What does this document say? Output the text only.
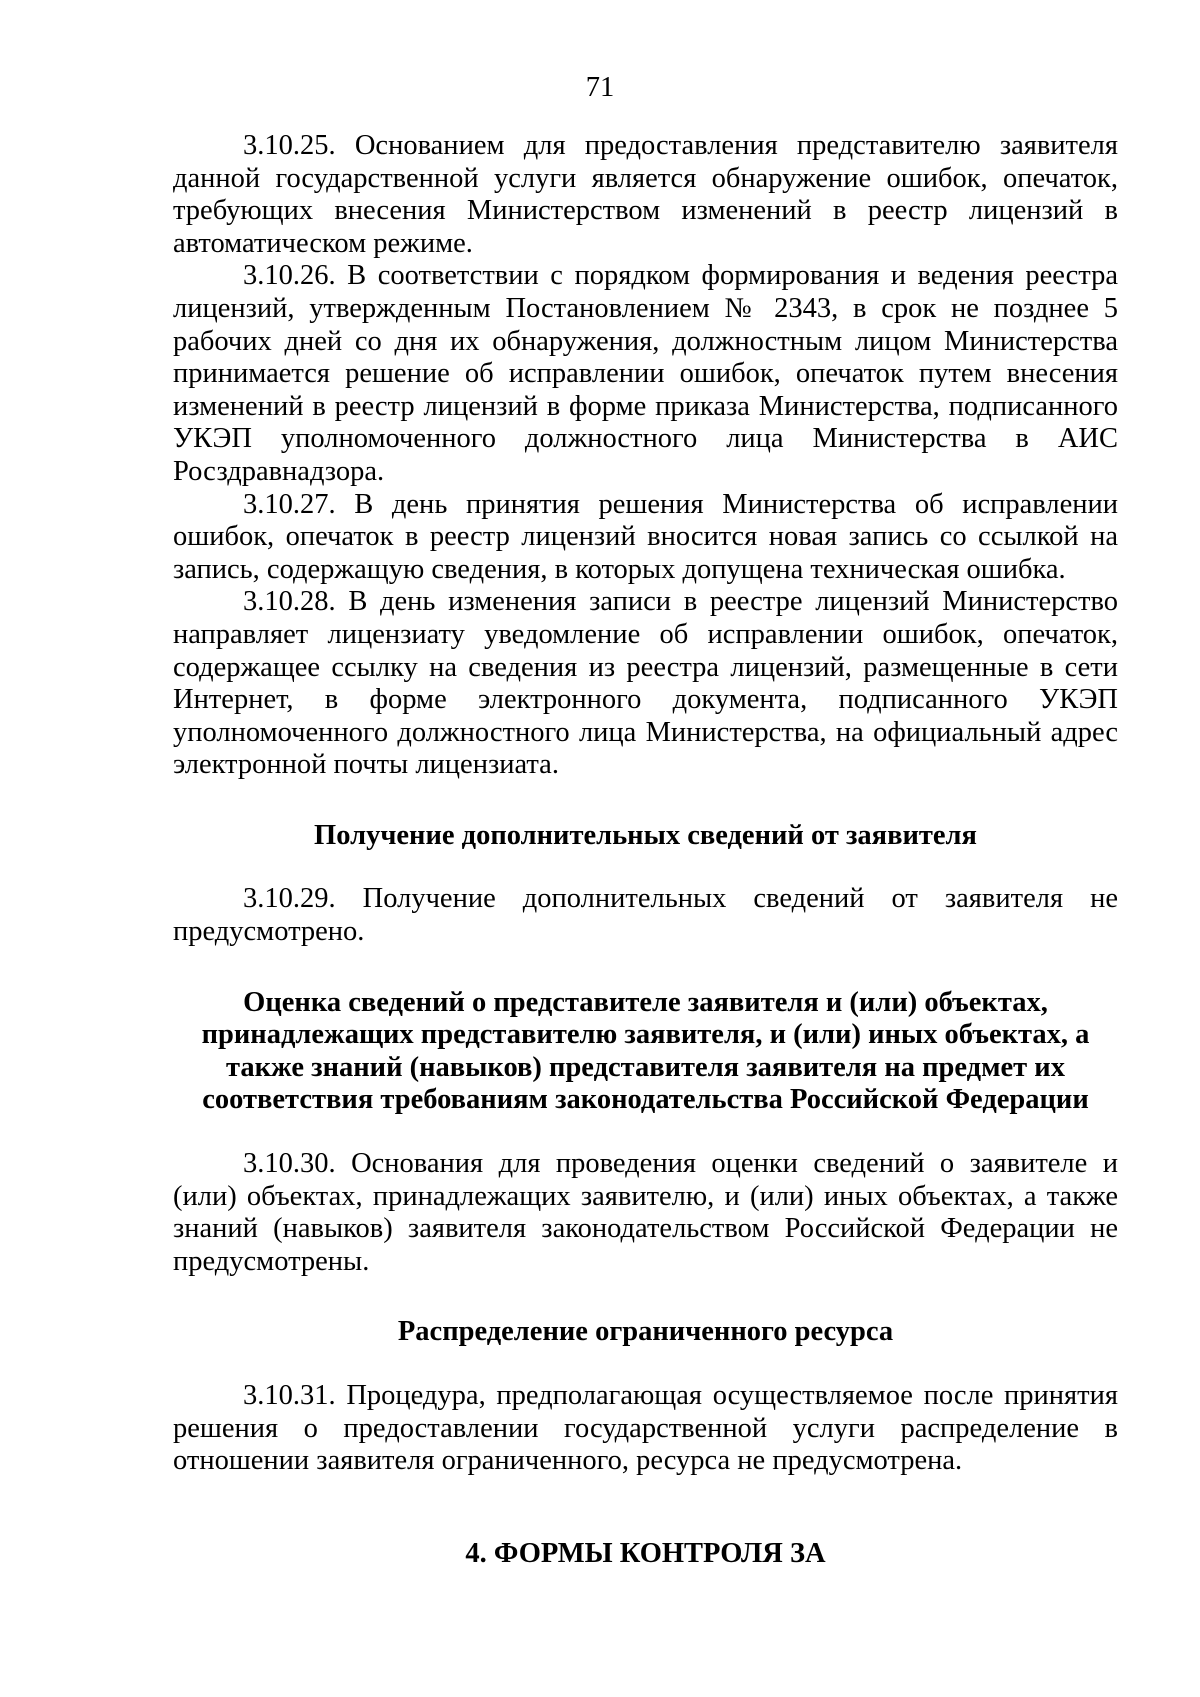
71

3.10.25. Основанием для предоставления представителю заявителя данной государственной услуги является обнаружение ошибок, опечаток, требующих внесения Министерством изменений в реестр лицензий в автоматическом режиме.

3.10.26. В соответствии с порядком формирования и ведения реестра лицензий, утвержденным Постановлением № 2343, в срок не позднее 5 рабочих дней со дня их обнаружения, должностным лицом Министерства принимается решение об исправлении ошибок, опечаток путем внесения изменений в реестр лицензий в форме приказа Министерства, подписанного УКЭП уполномоченного должностного лица Министерства в АИС Росздравнадзора.

3.10.27. В день принятия решения Министерства об исправлении ошибок, опечаток в реестр лицензий вносится новая запись со ссылкой на запись, содержащую сведения, в которых допущена техническая ошибка.

3.10.28. В день изменения записи в реестре лицензий Министерство направляет лицензиату уведомление об исправлении ошибок, опечаток, содержащее ссылку на сведения из реестра лицензий, размещенные в сети Интернет, в форме электронного документа, подписанного УКЭП уполномоченного должностного лица Министерства, на официальный адрес электронной почты лицензиата.

Получение дополнительных сведений от заявителя

3.10.29. Получение дополнительных сведений от заявителя не предусмотрено.

Оценка сведений о представителе заявителя и (или) объектах,
принадлежащих представителю заявителя, и (или) иных объектах, а
также знаний (навыков) представителя заявителя на предмет их
соответствия требованиям законодательства Российской Федерации

3.10.30. Основания для проведения оценки сведений о заявителе и (или) объектах, принадлежащих заявителю, и (или) иных объектах, а также знаний (навыков) заявителя законодательством Российской Федерации не предусмотрены.

Распределение ограниченного ресурса

3.10.31. Процедура, предполагающая осуществляемое после принятия решения о предоставлении государственной услуги распределение в отношении заявителя ограниченного, ресурса не предусмотрена.

4. ФОРМЫ КОНТРОЛЯ ЗА
